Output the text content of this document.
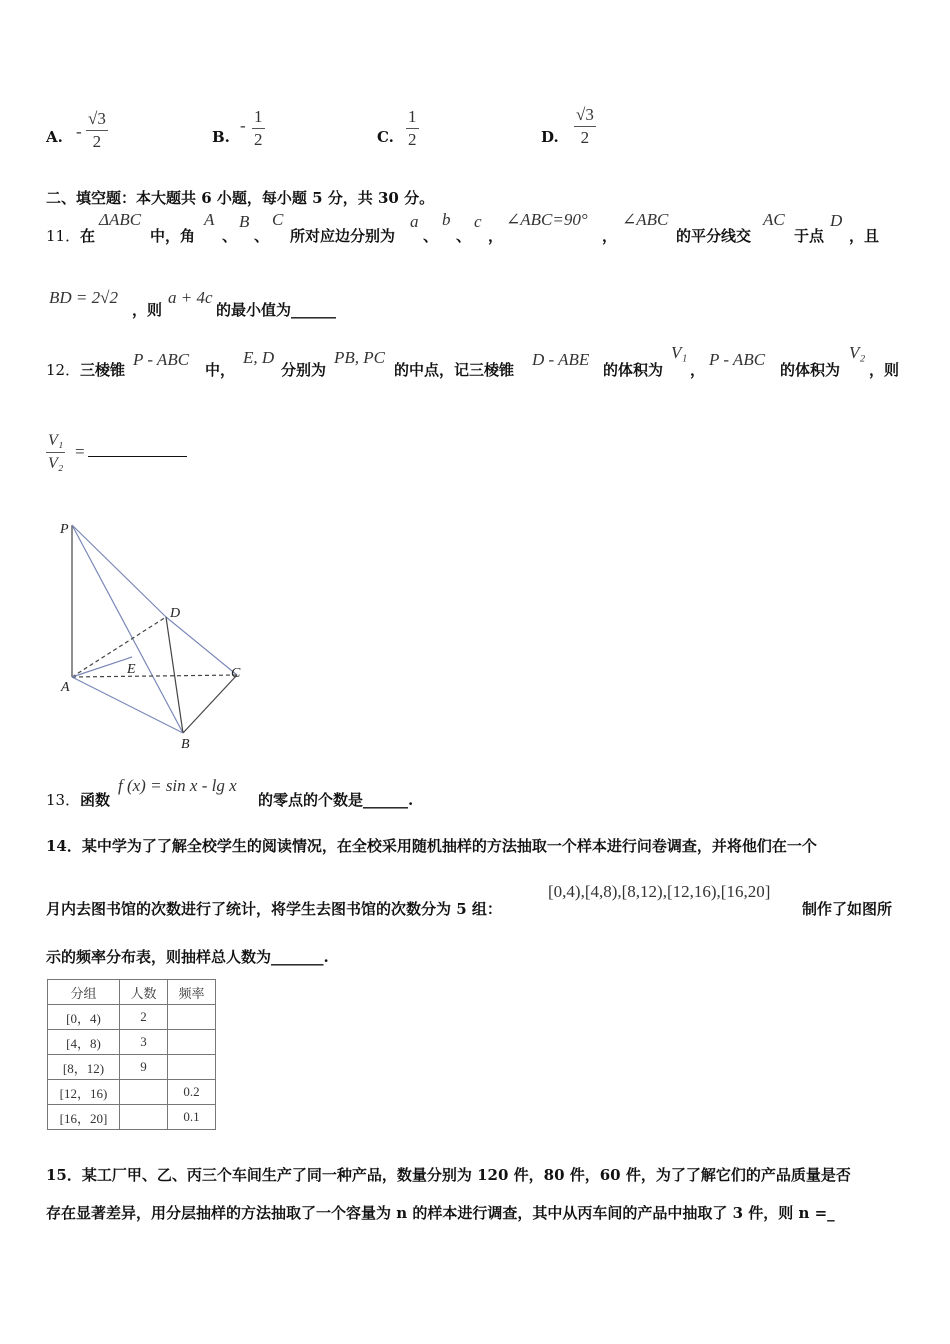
A. - $\frac{√3}{2}$	B.
- $\frac{1}{2}$	C. $\frac{1}{2}$	D. $\frac{√3}{2}$
二、填空题：本大题共 6 小题，每小题 5 分，共 30 分。
11． 在
ΔABC
中，角
A
、
B
、
C
所对应边分别为
a
、
b
、
c
，
∠ABC=90°
，
∠ABC
的平分线交
AC
于点
D
，且
BD = 2√2
，则
a + 4c
的最小值为______
12． 三棱锥
P - ABC
中，
E, D
分别为
PB, PC
的中点，记三棱锥
D - ABE
的体积为
V₁
，
P - ABC
的体积为
V₂
，则
$\frac{\text{V₁}}{\text{V₂}}$ =
P
D
E
A
C
B
13． 函数
f (x) = sin x - lg x
的零点的个数是______.
14．某中学为了了解全校学生的阅读情况，在全校采用随机抽样的方法抽取一个样本进行问卷调查，并将他们在一个
月内去图书馆的次数进行了统计，将学生去图书馆的次数分为 5 组：
[0,4),[4,8),[8,12),[12,16),[16,20]
制作了如图所
示的频率分布表，则抽样总人数为_______.
分组	人数	频率
[0，4)	2	
[4，8)	3	
[8，12)	9	
[12，16)		0.2
[16，20]		0.1
15．某工厂甲、乙、丙三个车间生产了同一种产品，数量分别为 120 件，80 件，60 件，为了了解它们的产品质量是否
存在显著差异，用分层抽样的方法抽取了一个容量为 n 的样本进行调查，其中从丙车间的产品中抽取了 3 件，则 n =_
